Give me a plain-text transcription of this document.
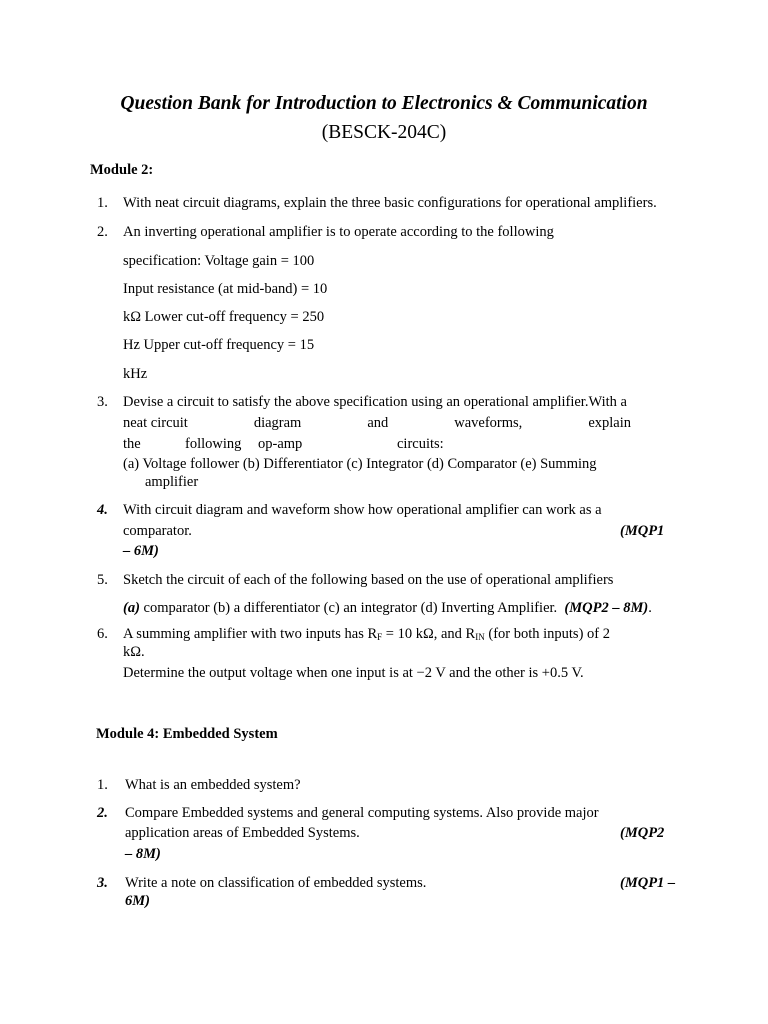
Question Bank for Introduction to Electronics & Communication
(BESCK-204C)
Module 2:
1. With neat circuit diagrams, explain the three basic configurations for operational amplifiers.
2. An inverting operational amplifier is to operate according to the following
specification: Voltage gain = 100
Input resistance (at mid-band) = 10
kΩ Lower cut-off frequency = 250
Hz Upper cut-off frequency = 15
kHz
3. Devise a circuit to satisfy the above specification using an operational amplifier.With a
neat circuit	diagram	and	waveforms,	explain
the	following op-amp	circuits:
(a) Voltage follower (b) Differentiator (c) Integrator (d) Comparator (e) Summing
amplifier
4. With circuit diagram and waveform show how operational amplifier can work as a
comparator.	(MQP1
– 6M)
5. Sketch the circuit of each of the following based on the use of operational amplifiers
(a) comparator (b) a differentiator (c) an integrator (d) Inverting Amplifier. (MQP2 – 8M).
6. A summing amplifier with two inputs has $R_F = 10$ kΩ, and $R_{IN}$ (for both inputs) of 2
kΩ.
Determine the output voltage when one input is at −2 V and the other is +0.5 V.
Module 4: Embedded System
1. What is an embedded system?
2. Compare Embedded systems and general computing systems. Also provide major
application areas of Embedded Systems.	(MQP2
– 8M)
3. Write a note on classification of embedded systems.	(MQP1 –
6M)
